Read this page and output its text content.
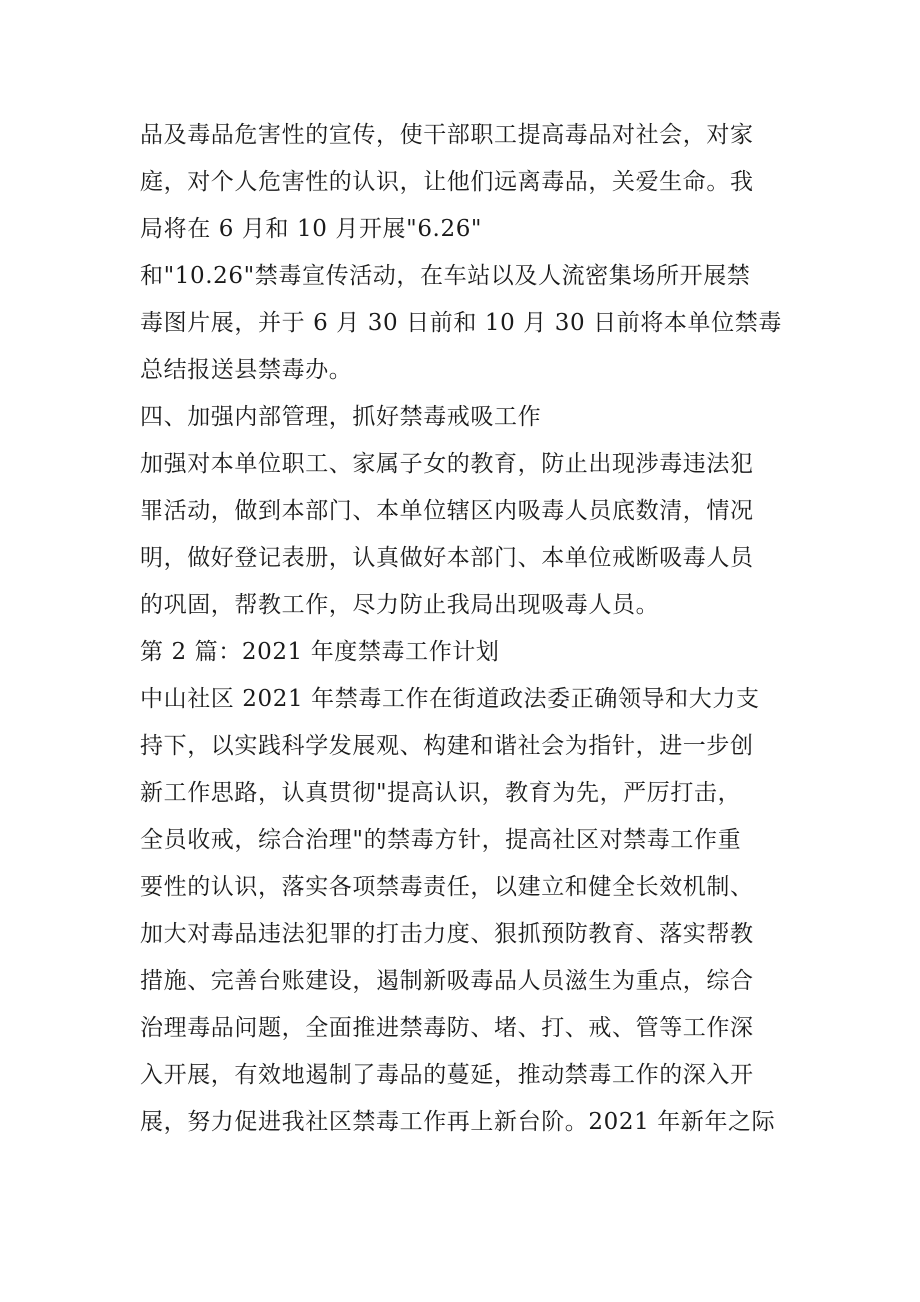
品及毒品危害性的宣传，使干部职工提高毒品对社会，对家
庭，对个人危害性的认识，让他们远离毒品，关爱生命。我
局将在 6 月和 10 月开展"6.26"
和"10.26"禁毒宣传活动，在车站以及人流密集场所开展禁
毒图片展，并于 6 月 30 日前和 10 月 30 日前将本单位禁毒
总结报送县禁毒办。
四、加强内部管理，抓好禁毒戒吸工作
加强对本单位职工、家属子女的教育，防止出现涉毒违法犯
罪活动，做到本部门、本单位辖区内吸毒人员底数清，情况
明，做好登记表册，认真做好本部门、本单位戒断吸毒人员
的巩固，帮教工作，尽力防止我局出现吸毒人员。
第 2 篇：2021 年度禁毒工作计划
中山社区 2021 年禁毒工作在街道政法委正确领导和大力支
持下，以实践科学发展观、构建和谐社会为指针，进一步创
新工作思路，认真贯彻"提高认识，教育为先，严厉打击，
全员收戒，综合治理"的禁毒方针，提高社区对禁毒工作重
要性的认识，落实各项禁毒责任，以建立和健全长效机制、
加大对毒品违法犯罪的打击力度、狠抓预防教育、落实帮教
措施、完善台账建设，遏制新吸毒品人员滋生为重点，综合
治理毒品问题，全面推进禁毒防、堵、打、戒、管等工作深
入开展，有效地遏制了毒品的蔓延，推动禁毒工作的深入开
展，努力促进我社区禁毒工作再上新台阶。2021 年新年之际
